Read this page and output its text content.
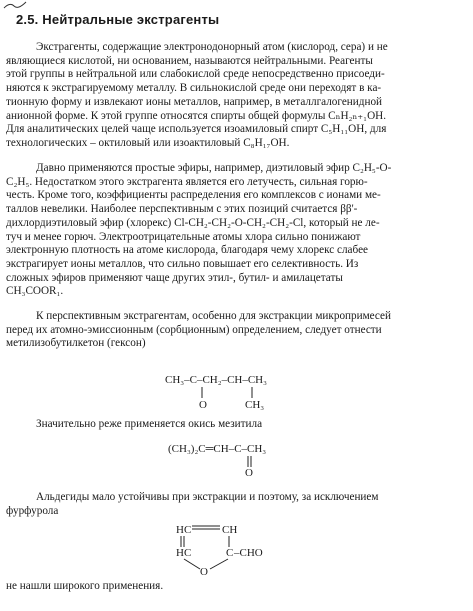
2.5. Нейтральные экстрагенты
Экстрагенты, содержащие электронодонорный атом (кислород, сера) и не
являющиеся кислотой, ни основанием, называются нейтральными. Реагенты
этой группы в нейтральной или слабокислой среде непосредственно присоеди-
няются к экстрагируемому металлу. В сильнокислой среде они переходят в ка-
тионную форму и извлекают ионы металлов, например, в металлгалогенидной
анионной форме. К этой группе относятся спирты общей формулы CₙH₂ₙ₊₁OH.
Для аналитических целей чаще используется изоамиловый спирт C₅H₁₁OH, для
технологических – октиловый или изоактиловый C₈H₁₇OH.
Давно применяются простые эфиры, например, диэтиловый эфир C₂H₅-O-
C₂H₅. Недостатком этого экстрагента является его летучесть, сильная горю-
честь. Кроме того, коэффициенты распределения его комплексов с ионами ме-
таллов невелики. Наиболее перспективным с этих позиций считается ββ'-
дихлордиэтиловый эфир (хлорекс) Cl-CH₂-CH₂-O-CH₂-CH₂-Cl, который не ле-
туч и менее горюч. Электроотрицательные атомы хлора сильно понижают
электронную плотность на атоме кислорода, благодаря чему хлорекс слабее
экстрагирует ионы металлов, что сильно повышает его селективность. Из
сложных эфиров применяют чаще других этил-, бутил- и амилацетаты
CH₃COOR₁.
К перспективным экстрагентам, особенно для экстракции микропримесей
перед их атомно-эмиссионным (сорбционным) определением, следует отнести
метилизобутилкетон (гексон)
CH₃–C–CH₂–CH–CH₃
O	CH₃
Значительно реже применяется окись мезитила
(CH₃)₂C═CH–C–CH₃
O
Альдегиды мало устойчивы при экстракции и поэтому, за исключением
фурфурола
HC	CH
HC	C –CHO
O
не нашли широкого применения.
